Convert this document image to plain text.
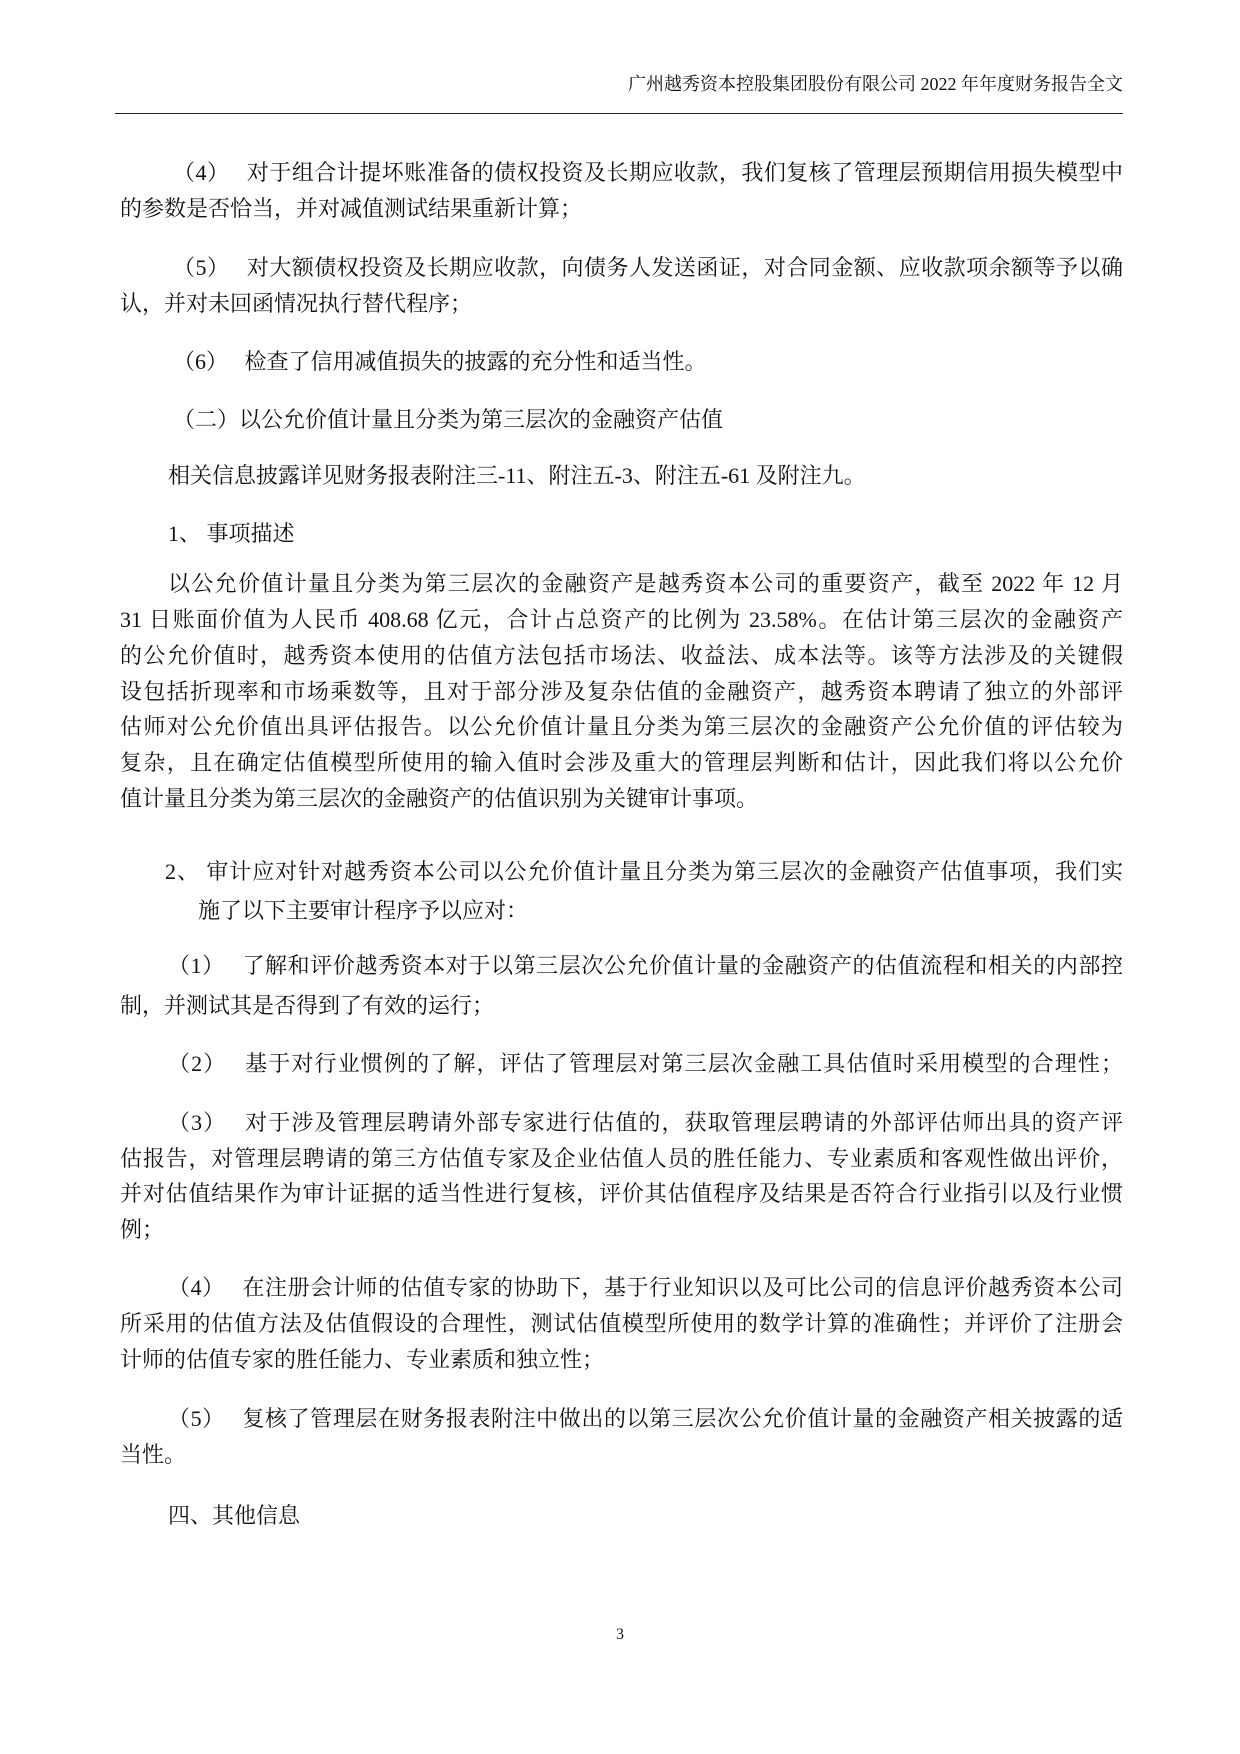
广州越秀资本控股集团股份有限公司 2022 年年度财务报告全文
（4）　 对于组合计提坏账准备的债权投资及长期应收款，我们复核了管理层预期信用损失模型中
的参数是否恰当，并对减值测试结果重新计算；
（5）　 对大额债权投资及长期应收款，向债务人发送函证，对合同金额、应收款项余额等予以确
认，并对未回函情况执行替代程序；
（6）　 检查了信用减值损失的披露的充分性和适当性。
（二）以公允价值计量且分类为第三层次的金融资产估值
相关信息披露详见财务报表附注三-11、附注五-3、附注五-61 及附注九。
1、 事项描述
以公允价值计量且分类为第三层次的金融资产是越秀资本公司的重要资产，截至 2022 年 12 月
31 日账面价值为人民币 408.68 亿元，合计占总资产的比例为 23.58%。在估计第三层次的金融资产
的公允价值时，越秀资本使用的估值方法包括市场法、收益法、成本法等。该等方法涉及的关键假
设包括折现率和市场乘数等，且对于部分涉及复杂估值的金融资产，越秀资本聘请了独立的外部评
估师对公允价值出具评估报告。以公允价值计量且分类为第三层次的金融资产公允价值的评估较为
复杂，且在确定估值模型所使用的输入值时会涉及重大的管理层判断和估计，因此我们将以公允价
值计量且分类为第三层次的金融资产的估值识别为关键审计事项。
2、 审计应对针对越秀资本公司以公允价值计量且分类为第三层次的金融资产估值事项，我们实
施了以下主要审计程序予以应对：
（1）　 了解和评价越秀资本对于以第三层次公允价值计量的金融资产的估值流程和相关的内部控
制，并测试其是否得到了有效的运行；
（2）　 基于对行业惯例的了解，评估了管理层对第三层次金融工具估值时采用模型的合理性；
（3）　 对于涉及管理层聘请外部专家进行估值的，获取管理层聘请的外部评估师出具的资产评
估报告，对管理层聘请的第三方估值专家及企业估值人员的胜任能力、专业素质和客观性做出评价，
并对估值结果作为审计证据的适当性进行复核，评价其估值程序及结果是否符合行业指引以及行业惯
例；
（4）　 在注册会计师的估值专家的协助下，基于行业知识以及可比公司的信息评价越秀资本公司
所采用的估值方法及估值假设的合理性，测试估值模型所使用的数学计算的准确性；并评价了注册会
计师的估值专家的胜任能力、专业素质和独立性；
（5）　 复核了管理层在财务报表附注中做出的以第三层次公允价值计量的金融资产相关披露的适
当性。
四、其他信息
3
